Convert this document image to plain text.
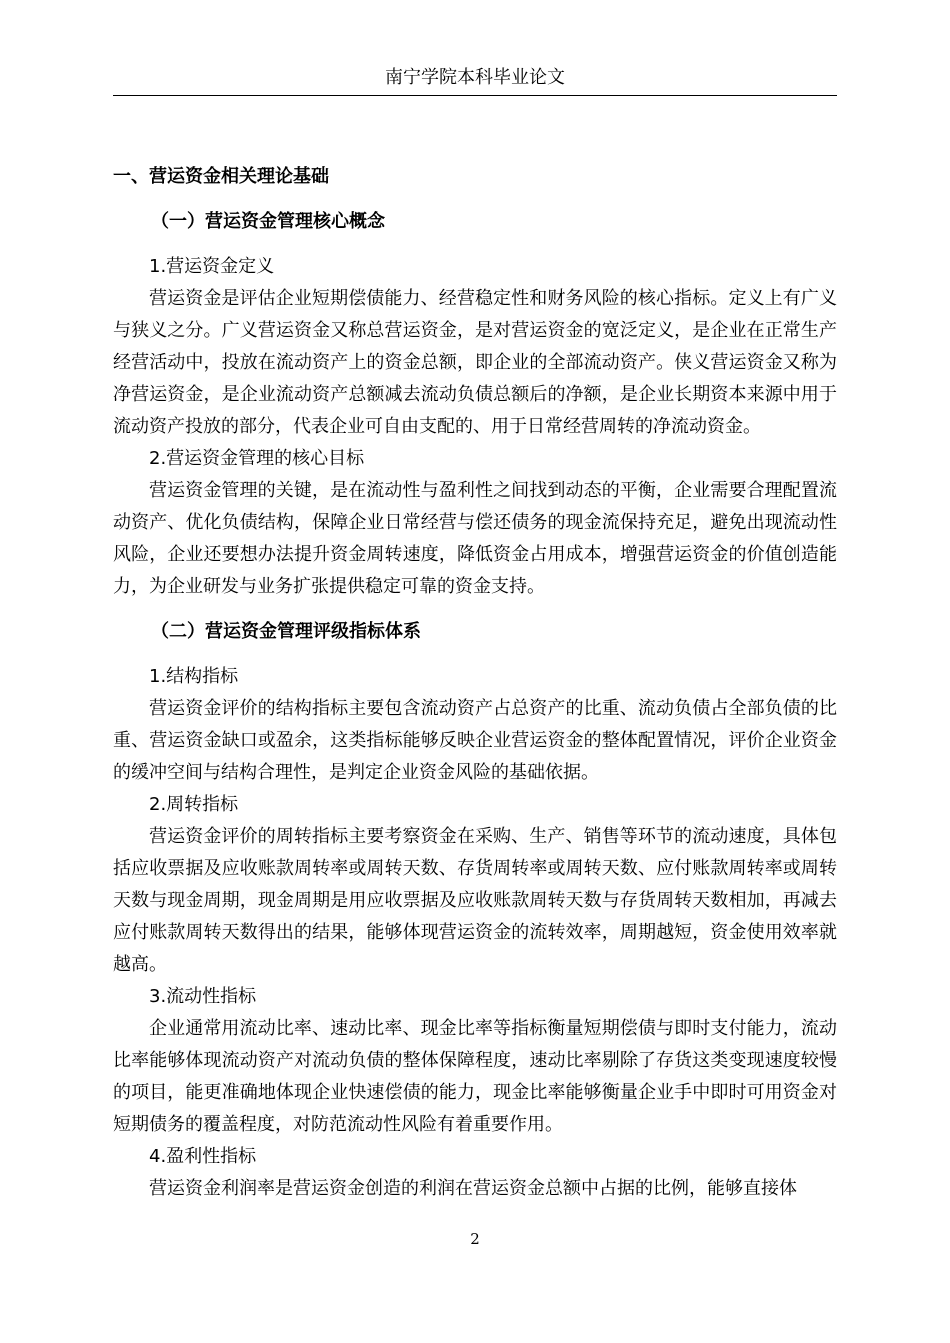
南宁学院本科毕业论文
一、营运资金相关理论基础
（一）营运资金管理核心概念
1.营运资金定义

营运资金是评估企业短期偿债能力、经营稳定性和财务风险的核心指标。定义上有广义与狭义之分。广义营运资金又称总营运资金，是对营运资金的宽泛定义，是企业在正常生产经营活动中，投放在流动资产上的资金总额，即企业的全部流动资产。侠义营运资金又称为净营运资金，是企业流动资产总额减去流动负债总额后的净额，是企业长期资本来源中用于流动资产投放的部分，代表企业可自由支配的、用于日常经营周转的净流动资金。

2.营运资金管理的核心目标

营运资金管理的关键，是在流动性与盈利性之间找到动态的平衡，企业需要合理配置流动资产、优化负债结构，保障企业日常经营与偿还债务的现金流保持充足，避免出现流动性风险，企业还要想办法提升资金周转速度，降低资金占用成本，增强营运资金的价值创造能力，为企业研发与业务扩张提供稳定可靠的资金支持。

（二）营运资金管理评级指标体系
1.结构指标

营运资金评价的结构指标主要包含流动资产占总资产的比重、流动负债占全部负债的比重、营运资金缺口或盈余，这类指标能够反映企业营运资金的整体配置情况，评价企业资金的缓冲空间与结构合理性，是判定企业资金风险的基础依据。

2.周转指标

营运资金评价的周转指标主要考察资金在采购、生产、销售等环节的流动速度，具体包括应收票据及应收账款周转率或周转天数、存货周转率或周转天数、应付账款周转率或周转天数与现金周期，现金周期是用应收票据及应收账款周转天数与存货周转天数相加，再减去应付账款周转天数得出的结果，能够体现营运资金的流转效率，周期越短，资金使用效率就越高。

3.流动性指标

企业通常用流动比率、速动比率、现金比率等指标衡量短期偿债与即时支付能力，流动比率能够体现流动资产对流动负债的整体保障程度，速动比率剔除了存货这类变现速度较慢的项目，能更准确地体现企业快速偿债的能力，现金比率能够衡量企业手中即时可用资金对短期债务的覆盖程度，对防范流动性风险有着重要作用。

4.盈利性指标

营运资金利润率是营运资金创造的利润在营运资金总额中占据的比例，能够直接体

2
